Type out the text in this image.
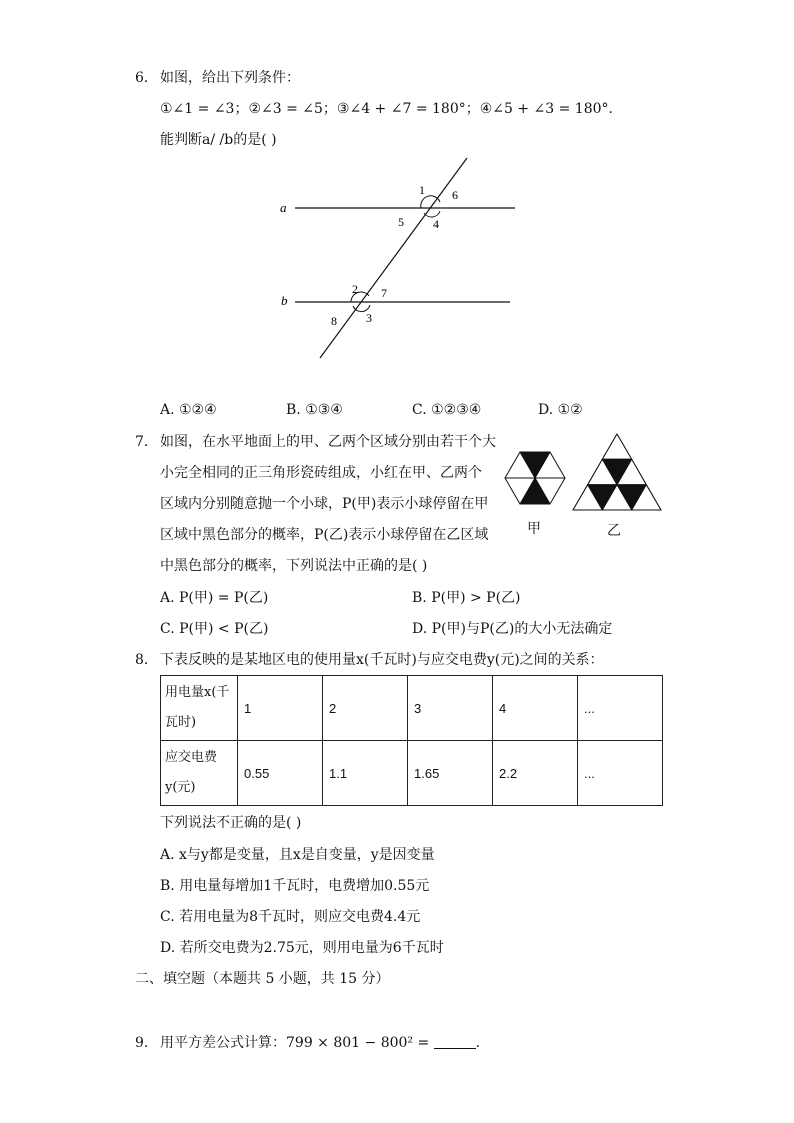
6. 如图，给出下列条件：
①∠1 = ∠3；②∠3 = ∠5；③∠4 + ∠7 = 180°；④∠5 + ∠3 = 180°.
能判断a/ /b的是( )
a
b
1 6
5 4
2 7
8 3
A. ①②④	B. ①③④	C. ①②③④	D. ①②
7. 如图，在水平地面上的甲、乙两个区域分别由若干个大
小完全相同的正三角形瓷砖组成，小红在甲、乙两个
区域内分别随意抛一个小球，P(甲)表示小球停留在甲
区域中黑色部分的概率，P(乙)表示小球停留在乙区域
中黑色部分的概率，下列说法中正确的是( )
甲	乙
A. P(甲) = P(乙)	B. P(甲) > P(乙)
C. P(甲) < P(乙)	D. P(甲)与P(乙)的大小无法确定
8. 下表反映的是某地区电的使用量x(千瓦时)与应交电费y(元)之间的关系：
用电量x(千瓦时)	1	2	3	4	...
应交电费y(元)	0.55	1.1	1.65	2.2	...
下列说法不正确的是( )
A. x与y都是变量，且x是自变量，y是因变量
B. 用电量每增加1千瓦时，电费增加0.55元
C. 若用电量为8千瓦时，则应交电费4.4元
D. 若所交电费为2.75元，则用电量为6千瓦时
二、填空题（本题共 5 小题，共 15 分）
9. 用平方差公式计算：799 × 801 − 800² =	.
